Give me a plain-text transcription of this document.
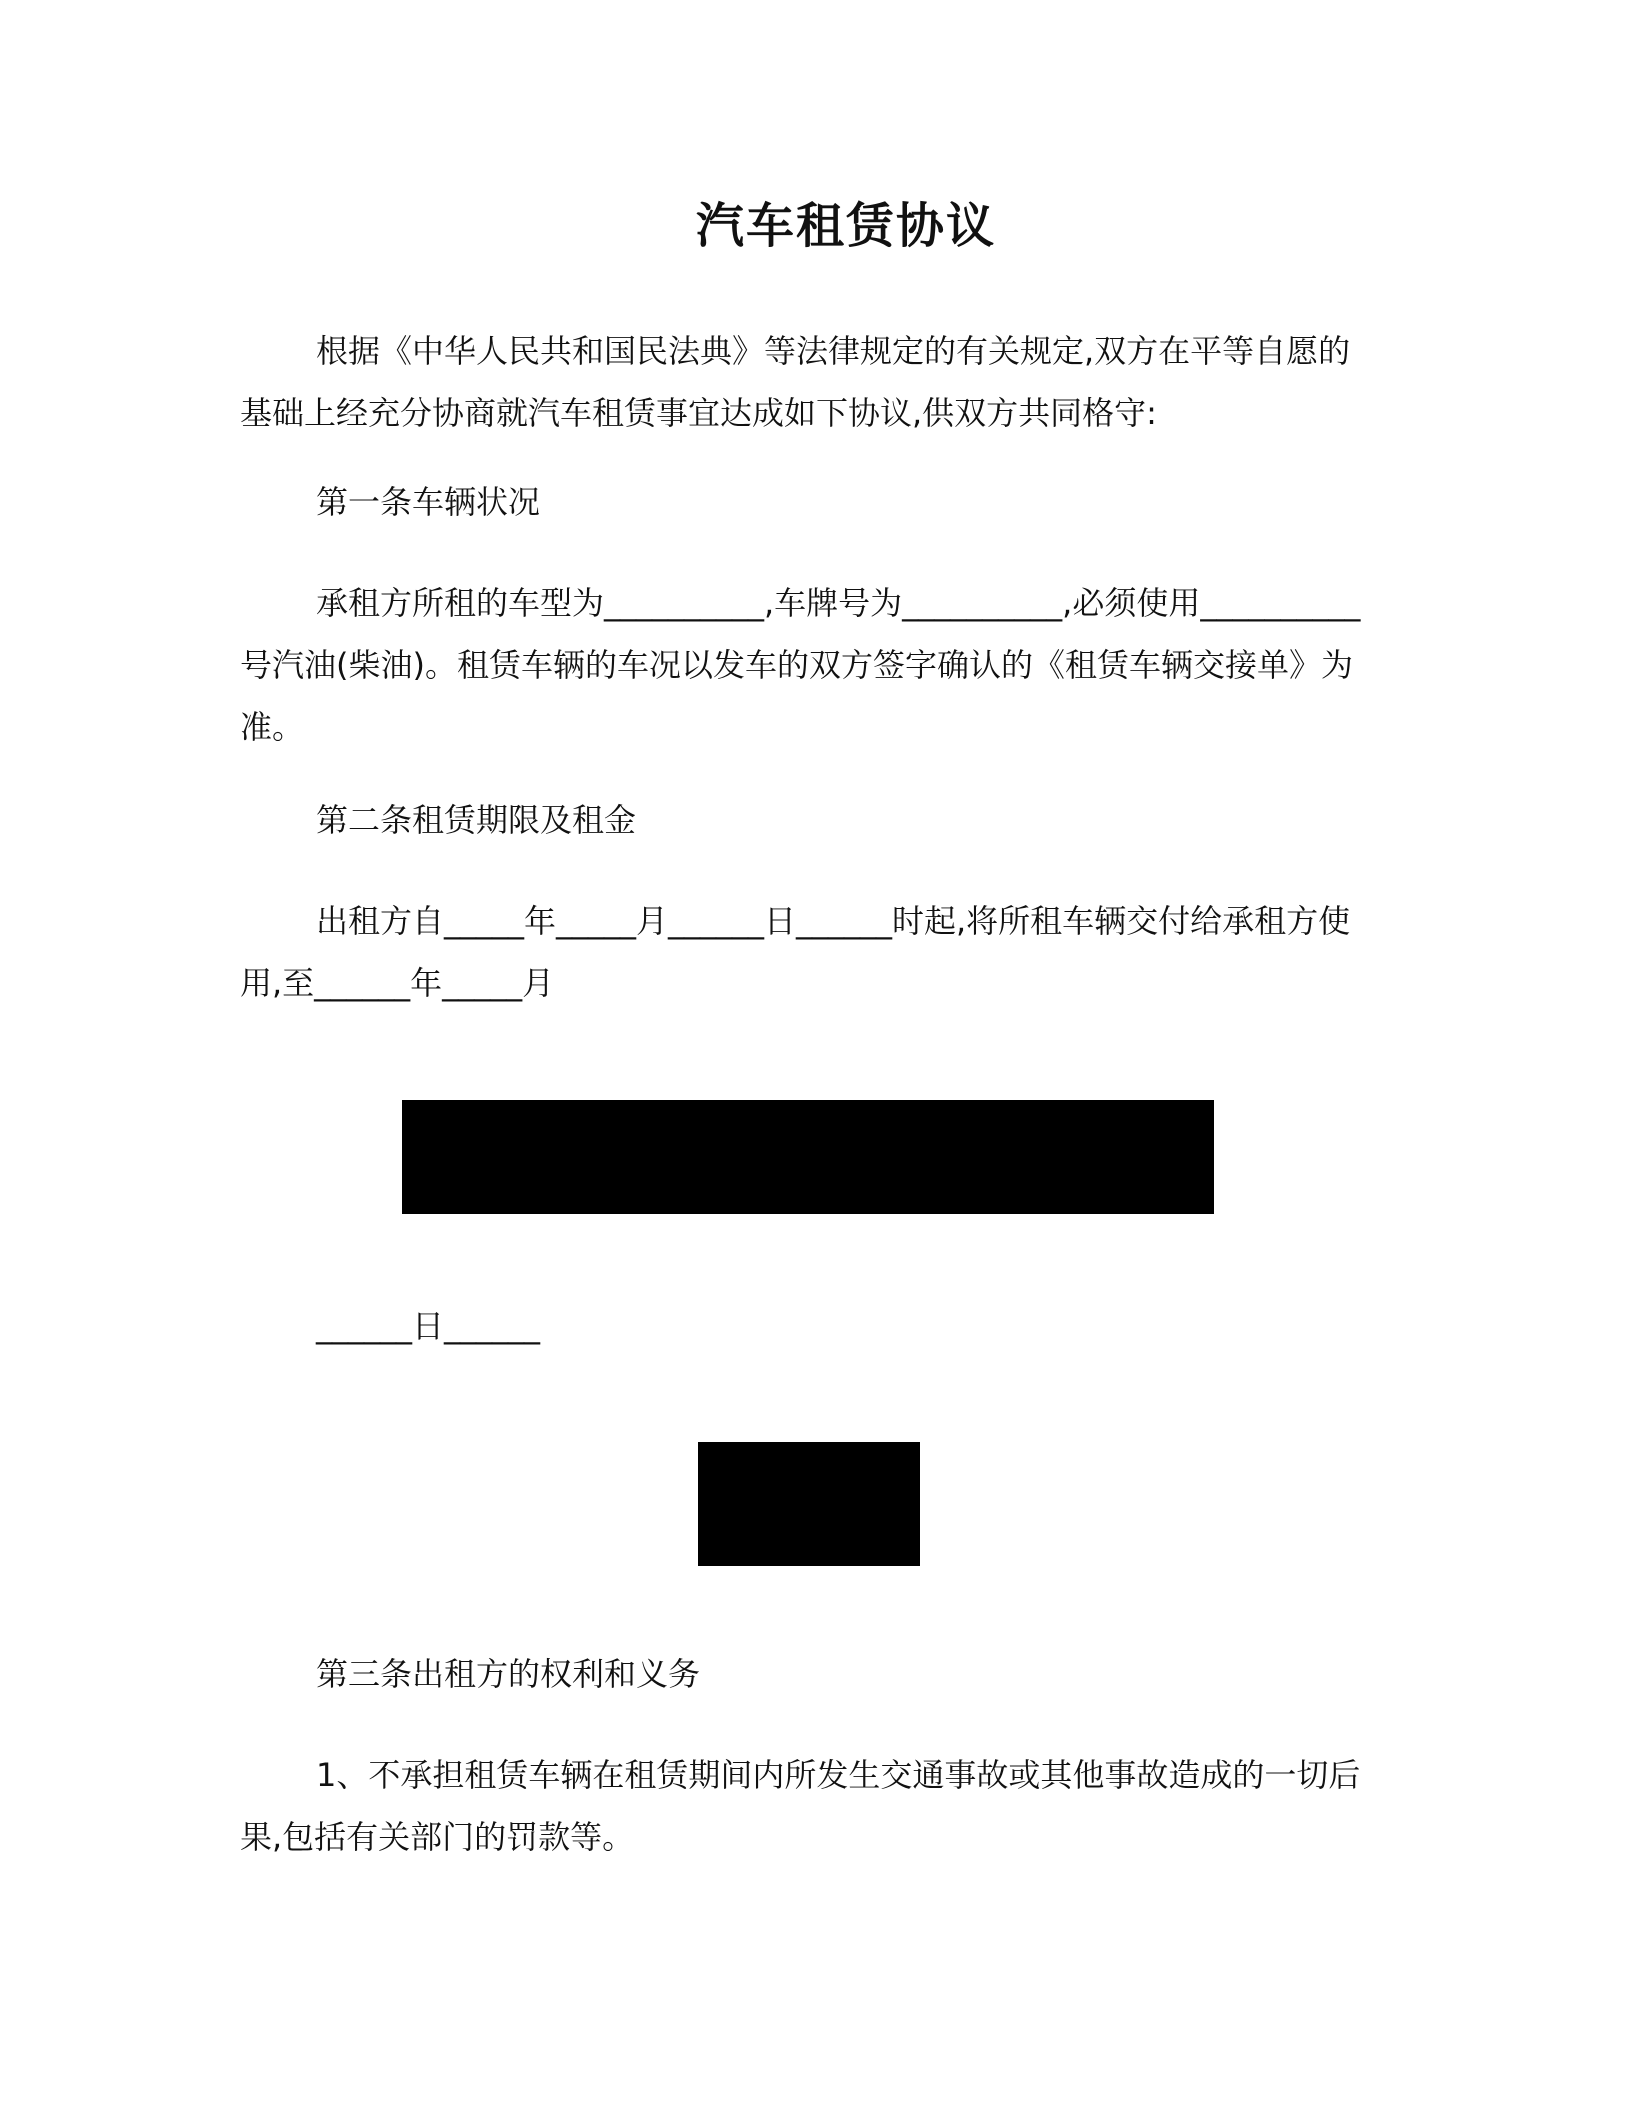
汽车租赁协议

根据《中华人民共和国民法典》等法律规定的有关规定,双方在平等自愿的基础上经充分协商就汽车租赁事宜达成如下协议,供双方共同格守:

第一条车辆状况

承租方所租的车型为__________,车牌号为__________,必须使用__________号汽油(柴油)。租赁车辆的车况以发车的双方签字确认的《租赁车辆交接单》为准。

第二条租赁期限及租金

出租方自_____年_____月______日______时起,将所租车辆交付给承租方使用,至______年_____月

______日______

第三条出租方的权利和义务

1、不承担租赁车辆在租赁期间内所发生交通事故或其他事故造成的一切后果,包括有关部门的罚款等。
